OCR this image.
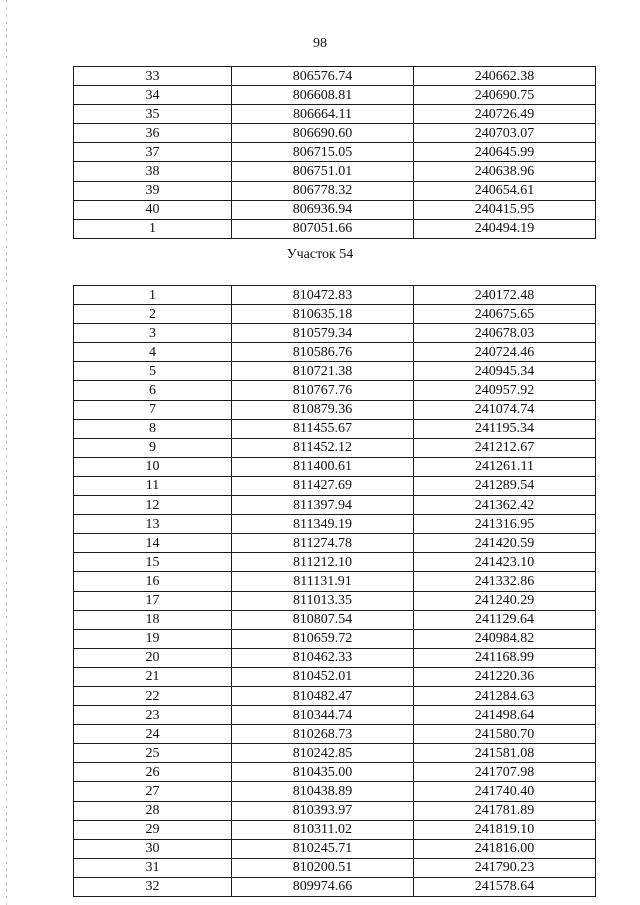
98
33	806576.74	240662.38
34	806608.81	240690.75
35	806664.11	240726.49
36	806690.60	240703.07
37	806715.05	240645.99
38	806751.01	240638.96
39	806778.32	240654.61
40	806936.94	240415.95
1	807051.66	240494.19
Участок 54
1	810472.83	240172.48
2	810635.18	240675.65
3	810579.34	240678.03
4	810586.76	240724.46
5	810721.38	240945.34
6	810767.76	240957.92
7	810879.36	241074.74
8	811455.67	241195.34
9	811452.12	241212.67
10	811400.61	241261.11
11	811427.69	241289.54
12	811397.94	241362.42
13	811349.19	241316.95
14	811274.78	241420.59
15	811212.10	241423.10
16	811131.91	241332.86
17	811013.35	241240.29
18	810807.54	241129.64
19	810659.72	240984.82
20	810462.33	241168.99
21	810452.01	241220.36
22	810482.47	241284.63
23	810344.74	241498.64
24	810268.73	241580.70
25	810242.85	241581.08
26	810435.00	241707.98
27	810438.89	241740.40
28	810393.97	241781.89
29	810311.02	241819.10
30	810245.71	241816.00
31	810200.51	241790.23
32	809974.66	241578.64
